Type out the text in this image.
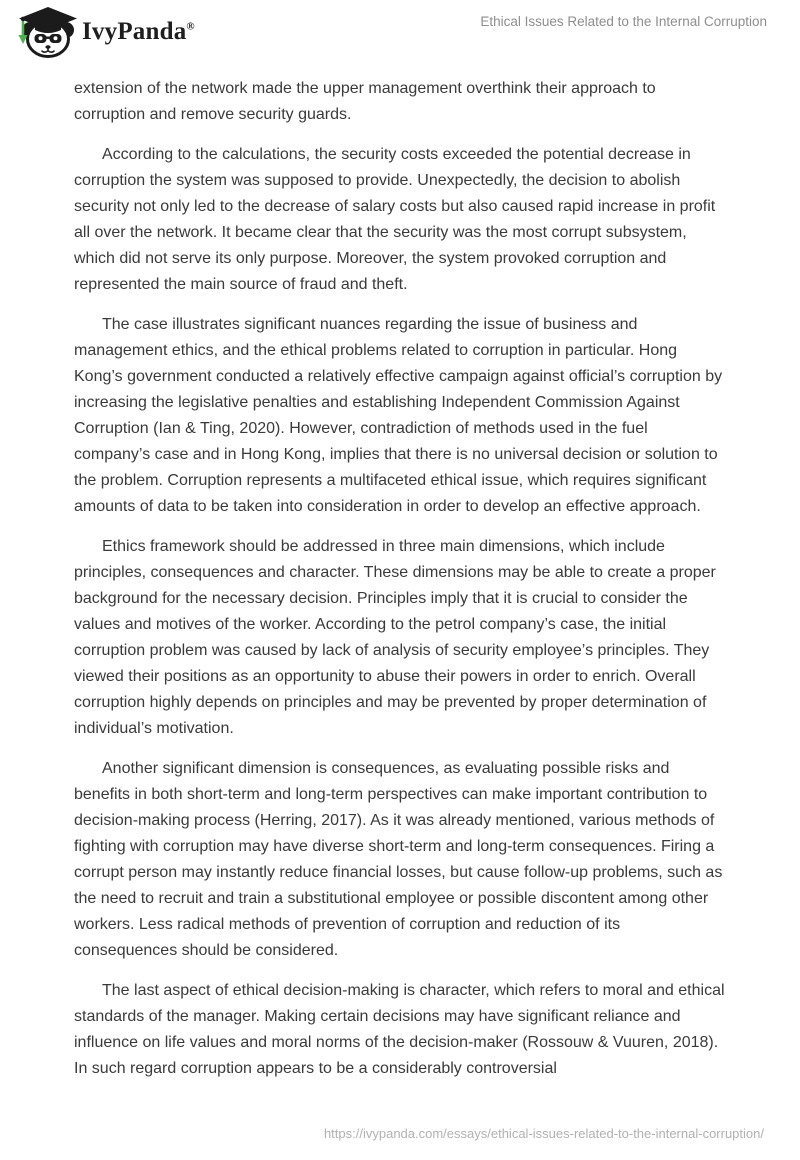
IvyPanda®	Ethical Issues Related to the Internal Corruption

extension of the network made the upper management overthink their approach to corruption and remove security guards.

According to the calculations, the security costs exceeded the potential decrease in corruption the system was supposed to provide. Unexpectedly, the decision to abolish security not only led to the decrease of salary costs but also caused rapid increase in profit all over the network. It became clear that the security was the most corrupt subsystem, which did not serve its only purpose. Moreover, the system provoked corruption and represented the main source of fraud and theft.

The case illustrates significant nuances regarding the issue of business and management ethics, and the ethical problems related to corruption in particular. Hong Kong’s government conducted a relatively effective campaign against official’s corruption by increasing the legislative penalties and establishing Independent Commission Against Corruption (Ian & Ting, 2020). However, contradiction of methods used in the fuel company’s case and in Hong Kong, implies that there is no universal decision or solution to the problem. Corruption represents a multifaceted ethical issue, which requires significant amounts of data to be taken into consideration in order to develop an effective approach.

Ethics framework should be addressed in three main dimensions, which include principles, consequences and character. These dimensions may be able to create a proper background for the necessary decision. Principles imply that it is crucial to consider the values and motives of the worker. According to the petrol company’s case, the initial corruption problem was caused by lack of analysis of security employee’s principles. They viewed their positions as an opportunity to abuse their powers in order to enrich. Overall corruption highly depends on principles and may be prevented by proper determination of individual’s motivation.

Another significant dimension is consequences, as evaluating possible risks and benefits in both short-term and long-term perspectives can make important contribution to decision-making process (Herring, 2017). As it was already mentioned, various methods of fighting with corruption may have diverse short-term and long-term consequences. Firing a corrupt person may instantly reduce financial losses, but cause follow-up problems, such as the need to recruit and train a substitutional employee or possible discontent among other workers. Less radical methods of prevention of corruption and reduction of its consequences should be considered.

The last aspect of ethical decision-making is character, which refers to moral and ethical standards of the manager. Making certain decisions may have significant reliance and influence on life values and moral norms of the decision-maker (Rossouw & Vuuren, 2018). In such regard corruption appears to be a considerably controversial

https://ivypanda.com/essays/ethical-issues-related-to-the-internal-corruption/
